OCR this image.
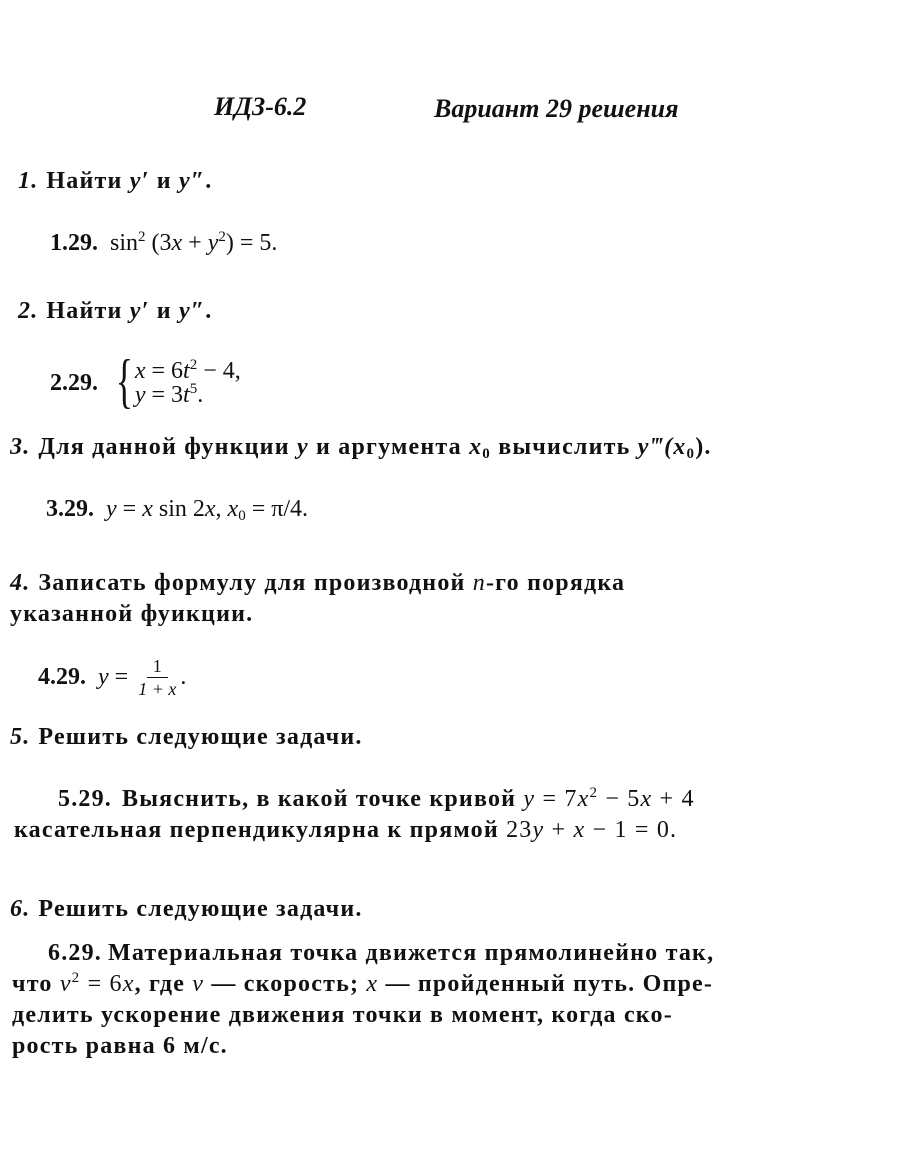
ИДЗ-6.2	Вариант 29 решения
1. Найти y′ и y″.
1.29. $\sin^2 (3x + y^2) = 5$.
2. Найти y′ и y″.
2.29. { $x = 6t^2 - 4$,
$y = 3t^5$.
3. Для данной функции y и аргумента $x_0$ вычислить $y‴(x_0)$.
3.29. y = x sin 2x, $x_0 = \pi/4$.
4. Записать формулу для производной n-го порядка
указанной фуикции.
4.29. $y = \frac{1}{1 + x}$ .
5. Решить следующие задачи.
5.29. Выяснить, в какой точке кривой $y = 7x^2 - 5x + 4$
касательная перпендикулярна к прямой 23y + x − 1 = 0.
6. Решить следующие задачи.
6.29. Материальная точка движется прямолинейно так,
что $v^2 = 6x$, где v — скорость; x — пройденный путь. Опре-
делить ускорение движения точки в момент, когда ско-
рость равна 6 м/с.
